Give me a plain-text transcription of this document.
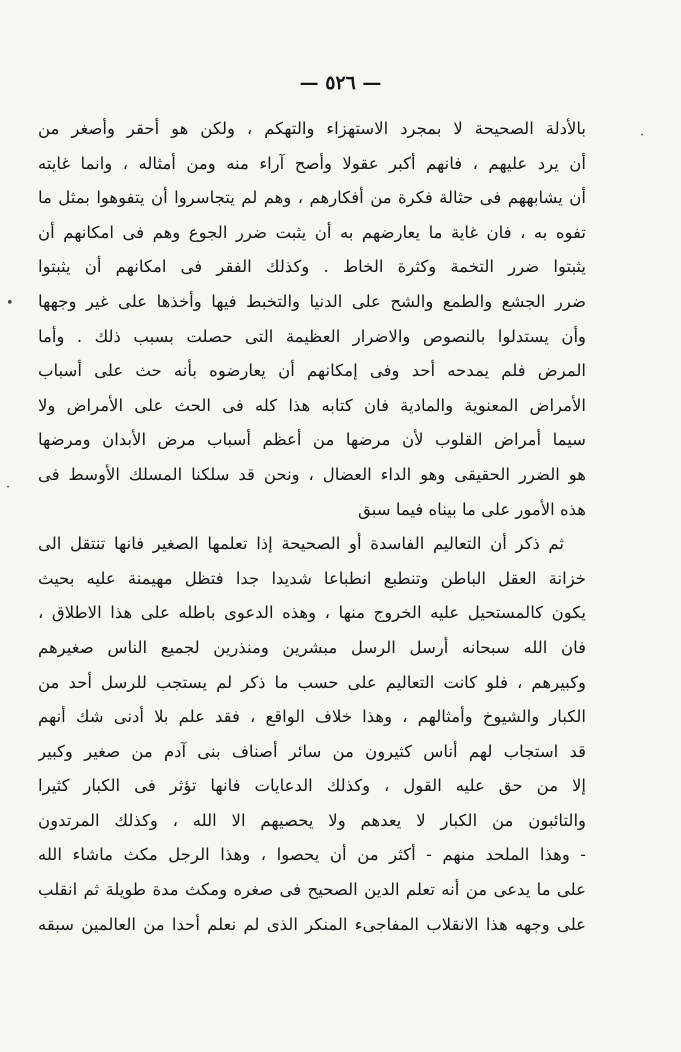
— ٥٢٦ —
بالأدلة الصحيحة لا بمجرد الاستهزاء والتهكم ، ولكن هو أحقر وأصغر من
أن يرد عليهم ، فانهم أكبر عقولا وأصح آراء منه ومن أمثاله ، وانما غايته
أن يشابههم فى حثالة فكرة من أفكارهم ، وهم لم يتجاسروا أن يتفوهوا بمثل ما
تفوه به ، فان غاية ما يعارضهم به أن يثبت ضرر الجوع وهم فى امكانهم أن
يثبتوا ضرر التخمة وكثرة الخاط . وكذلك الفقر فى امكانهم أن يثبتوا
ضرر الجشع والطمع والشح على الدنيا والتخبط فيها وأخذها على غير وجهها
وأن يستدلوا بالنصوص والاضرار العظيمة التى حصلت بسبب ذلك . وأما
المرض فلم يمدحه أحد وفى إمكانهم أن يعارضوه بأنه حث على أسباب
الأمراض المعنوية والمادية فان كتابه هذا كله فى الحث على الأمراض ولا
سيما أمراض القلوب لأن مرضها من أعظم أسباب مرض الأبدان ومرضها
هو الضرر الحقيقى وهو الداء العضال ، ونحن قد سلكنا المسلك الأوسط فى
هذه الأمور على ما بيناه فيما سبق
ثم ذكر أن التعاليم الفاسدة أو الصحيحة إذا تعلمها الصغير فانها تنتقل الى
خزانة العقل الباطن وتنطبع انطباعا شديدا جدا فتظل مهيمنة عليه بحيث
يكون كالمستحيل عليه الخروج منها ، وهذه الدعوى باطله على هذا الاطلاق ،
فان الله سبحانه أرسل الرسل مبشرين ومنذرين لجميع الناس صغيرهم
وكبيرهم ، فلو كانت التعاليم على حسب ما ذكر لم يستجب للرسل أحد من
الكبار والشيوخ وأمثالهم ، وهذا خلاف الواقع ، فقد علم بلا أدنى شك أنهم
قد استجاب لهم أناس كثيرون من سائر أصناف بنى آدم من صغير وكبير
إلا من حق عليه القول ، وكذلك الدعايات فانها تؤثر فى الكبار كثيرا
والتائبون من الكبار لا يعدهم ولا يحصيهم الا الله ، وكذلك المرتدون
- وهذا الملحد منهم - أكثر من أن يحصوا ، وهذا الرجل مكث ماشاء الله
على ما يدعى من أنه تعلم الدين الصحيح فى صغره ومكث مدة طويلة ثم انقلب
على وجهه هذا الانقلاب المفاجىء المنكر الذى لم نعلم أحدا من العالمين سبقه
•
·
·
